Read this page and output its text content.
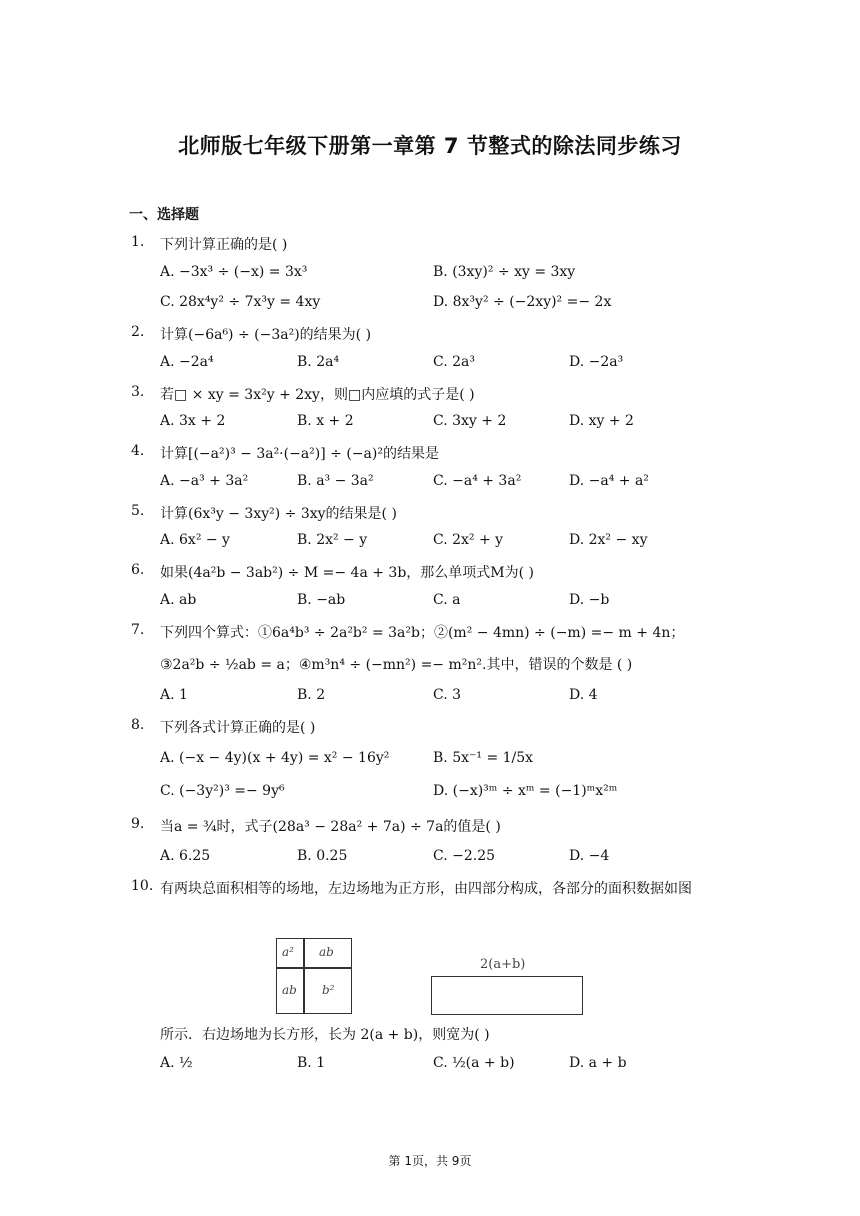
北师版七年级下册第一章第 7 节整式的除法同步练习
一、选择题
1. 下列计算正确的是( )
A. −3x³ ÷ (−x) = 3x³	B. (3xy)² ÷ xy = 3xy
C. 28x⁴y² ÷ 7x³y = 4xy	D. 8x³y² ÷ (−2xy)² =− 2x
2. 计算(−6a⁶) ÷ (−3a²)的结果为( )
A. −2a⁴	B. 2a⁴	C. 2a³	D. −2a³
3. 若□ × xy = 3x²y + 2xy，则□内应填的式子是( )
A. 3x + 2	B. x + 2	C. 3xy + 2	D. xy + 2
4. 计算[(−a²)³ − 3a²·(−a²)] ÷ (−a)²的结果是
A. −a³ + 3a²	B. a³ − 3a²	C. −a⁴ + 3a²	D. −a⁴ + a²
5. 计算(6x³y − 3xy²) ÷ 3xy的结果是( )
A. 6x² − y	B. 2x² − y	C. 2x² + y	D. 2x² − xy
6. 如果(4a²b − 3ab²) ÷ M =− 4a + 3b，那么单项式M为( )
A. ab	B. −ab	C. a	D. −b
7. 下列四个算式：①6a⁴b³ ÷ 2a²b² = 3a²b；②(m² − 4mn) ÷ (−m) =− m + 4n；
③2a²b ÷ ½ab = a；④m³n⁴ ÷ (−mn²) =− m²n².其中，错误的个数是 ( )
A. 1	B. 2	C. 3	D. 4
8. 下列各式计算正确的是( )
A. (−x − 4y)(x + 4y) = x² − 16y²	B. 5x⁻¹ = 1/5x
C. (−3y²)³ =− 9y⁶	D. (−x)³ᵐ ÷ xᵐ = (−1)ᵐx²ᵐ
9. 当a = ¾时，式子(28a³ − 28a² + 7a) ÷ 7a的值是( )
A. 6.25	B. 0.25	C. −2.25	D. −4
10. 有两块总面积相等的场地，左边场地为正方形，由四部分构成，各部分的面积数据如图
a² ab
ab b²
2(a+b)
所示．右边场地为长方形，长为 2(a + b)，则宽为( )
A. ½	B. 1	C. ½(a + b)	D. a + b
第 1页，共 9页
